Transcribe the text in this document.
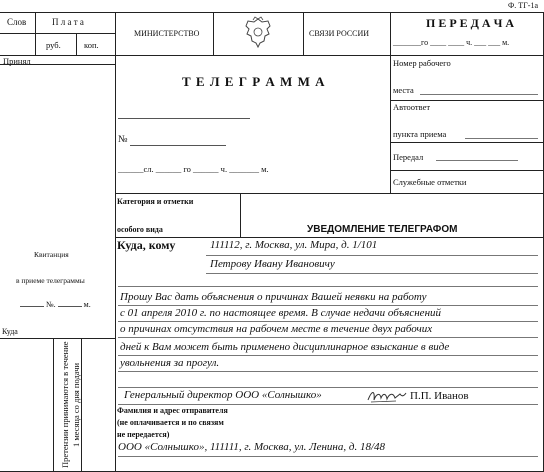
Ф. ТГ-1а
Слов	П л а т а
руб.	коп.
Принял
Квитанция
в приеме телеграммы
№.	м.
Куда
Претензии принимаются в течение 1 месяца со дня подачи
МИНИСТЕРСТВО	СВЯЗИ РОССИИ
П Е Р Е Д А Ч А
_______го ____ ____ ч. ___ ___ м.
Т Е Л Е Г Р А М М А
№
______сл. ______ го ______ ч. _______ м.
Номер рабочего
места
Автоответ
пункта приема
Передал
Служебные отметки
Категория и отметки
особого вида	УВЕДОМЛЕНИЕ ТЕЛЕГРАФОМ
Куда, кому	111112, г. Москва, ул. Мира, д. 1/101
Петрову Ивану Ивановичу
Прошу Вас дать объяснения о причинах Вашей неявки на работу
с 01 апреля 2010 г. по настоящее время. В случае недачи объяснений
о причинах отсутствия на рабочем месте в течение двух рабочих
дней к Вам может быть применено дисциплинарное взыскание в виде
увольнения за прогул.
Генеральный директор ООО «Солнышко»	П.П. Иванов
Фамилия и адрес отправителя
(не оплачивается и по связям
не передается)
ООО «Солнышко», 111111, г. Москва, ул. Ленина, д. 18/48
